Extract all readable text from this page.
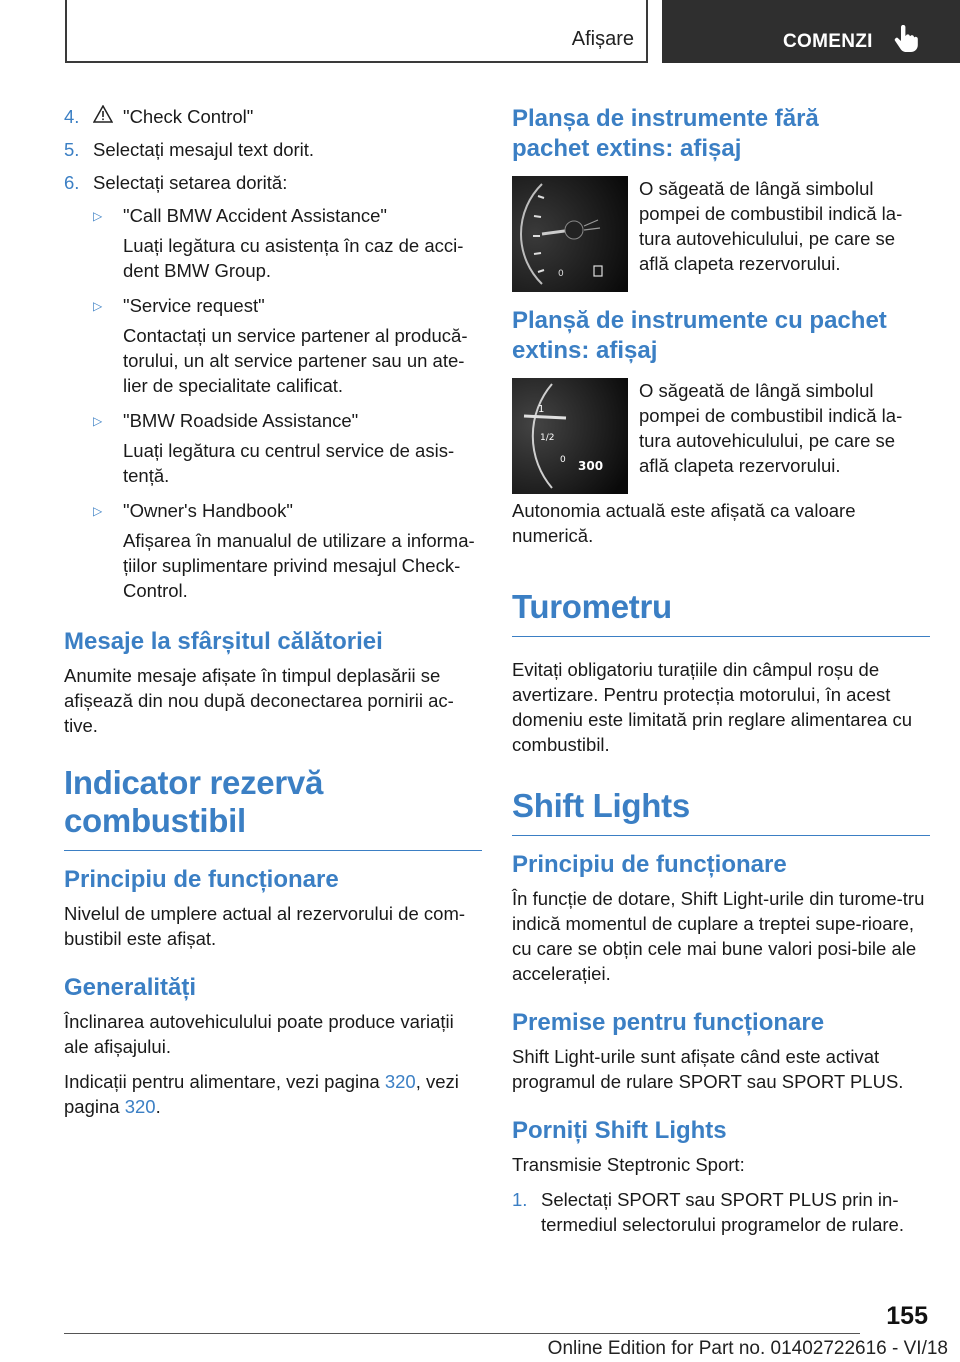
Afișare	COMENZI
4.	"Check Control"
5. Selectați mesajul text dorit.
6. Selectați setarea dorită:
▷	"Call BMW Accident Assistance"
Luați legătura cu asistența în caz de acci-dent BMW Group.
▷	"Service request"
Contactați un service partener al producă-torului, un alt service partener sau un ate-lier de specialitate calificat.
▷	"BMW Roadside Assistance"
Luați legătura cu centrul service de asis-tență.
▷	"Owner's Handbook"
Afișarea în manualul de utilizare a informa-țiilor suplimentare privind mesajul Check-Control.
Mesaje la sfârșitul călătoriei

Anumite mesaje afișate în timpul deplasării se afișează din nou după deconectarea pornirii ac-tive.

Indicator rezervă combustibil
Principiu de funcționare

Nivelul de umplere actual al rezervorului de com-bustibil este afișat.

Generalități

Înclinarea autovehiculului poate produce variații ale afișajului.

Indicații pentru alimentare, vezi pagina 320, vezi pagina 320.

Planșa de instrumente fără pachet extins: afișaj
0

O săgeată de lângă simbolul pompei de combustibil indică la-tura autovehiculului, pe care se află clapeta rezervorului.

Planșă de instrumente cu pachet extins: afișaj
1
1/2
0 300

O săgeată de lângă simbolul pompei de combustibil indică la-tura autovehiculului, pe care se află clapeta rezervorului.

Autonomia actuală este afișată ca valoare numerică.

Turometru

Evitați obligatoriu turațiile din câmpul roșu de avertizare. Pentru protecția motorului, în acest domeniu este limitată prin reglare alimentarea cu combustibil.

Shift Lights
Principiu de funcționare

În funcție de dotare, Shift Light-urile din turome-tru indică momentul de cuplare a treptei supe-rioare, cu care se obțin cele mai bune valori posi-bile ale accelerației.

Premise pentru funcționare

Shift Light-urile sunt afișate când este activat programul de rulare SPORT sau SPORT PLUS.

Porniți Shift Lights

Transmisie Steptronic Sport:

1. Selectați SPORT sau SPORT PLUS prin in-termediul selectorului programelor de rulare.
155
Online Edition for Part no. 01402722616 - VI/18
